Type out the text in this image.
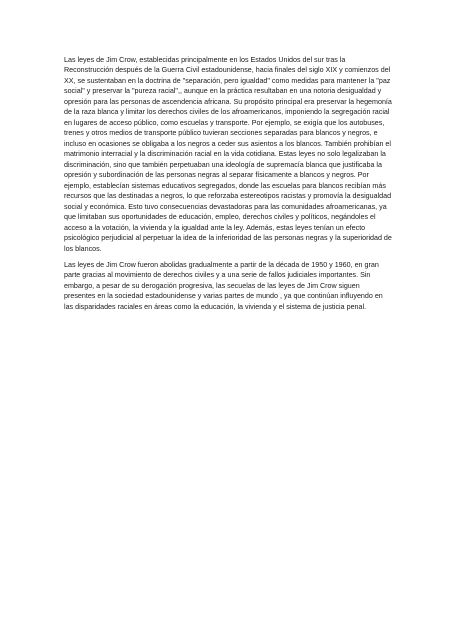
Las leyes de Jim Crow, establecidas principalmente en los Estados Unidos del sur tras la Reconstrucción después de la Guerra Civil estadounidense, hacia finales del siglo XIX y comienzos del XX, se sustentaban en la doctrina de "separación, pero igualdad" como medidas para mantener la "paz social" y preservar la "pureza racial",, aunque en la práctica resultaban en una notoria desigualdad y opresión para las personas de ascendencia africana. Su propósito principal era preservar la hegemonía de la raza blanca y limitar los derechos civiles de los afroamericanos, imponiendo la segregación racial en lugares de acceso público, como escuelas y transporte. Por ejemplo, se exigía que los autobuses, trenes y otros medios de transporte público tuvieran secciones separadas para blancos y negros, e incluso en ocasiones se obligaba a los negros a ceder sus asientos a los blancos. También prohibían el matrimonio interracial y la discriminación racial en la vida cotidiana. Estas leyes no solo legalizaban la discriminación, sino que también perpetuaban una ideología de supremacía blanca que justificaba la opresión y subordinación de las personas negras al separar físicamente a blancos y negros. Por ejemplo, establecían sistemas educativos segregados, donde las escuelas para blancos recibían más recursos que las destinadas a negros, lo que reforzaba estereotipos racistas y promovía la desigualdad social y económica. Esto tuvo consecuencias devastadoras para las comunidades afroamericanas, ya que limitaban sus oportunidades de educación, empleo, derechos civiles y políticos, negándoles el acceso a la votación, la vivienda y la igualdad ante la ley. Además, estas leyes tenían un efecto psicológico perjudicial al perpetuar la idea de la inferioridad de las personas negras y la superioridad de los blancos.

Las leyes de Jim Crow fueron abolidas gradualmente a partir de la década de 1950 y 1960, en gran parte gracias al movimiento de derechos civiles y a una serie de fallos judiciales importantes. Sin embargo, a pesar de su derogación progresiva, las secuelas de las leyes de Jim Crow siguen presentes en la sociedad estadounidense y varias partes de mundo , ya que continúan influyendo en las disparidades raciales en áreas como la educación, la vivienda y el sistema de justicia penal.
